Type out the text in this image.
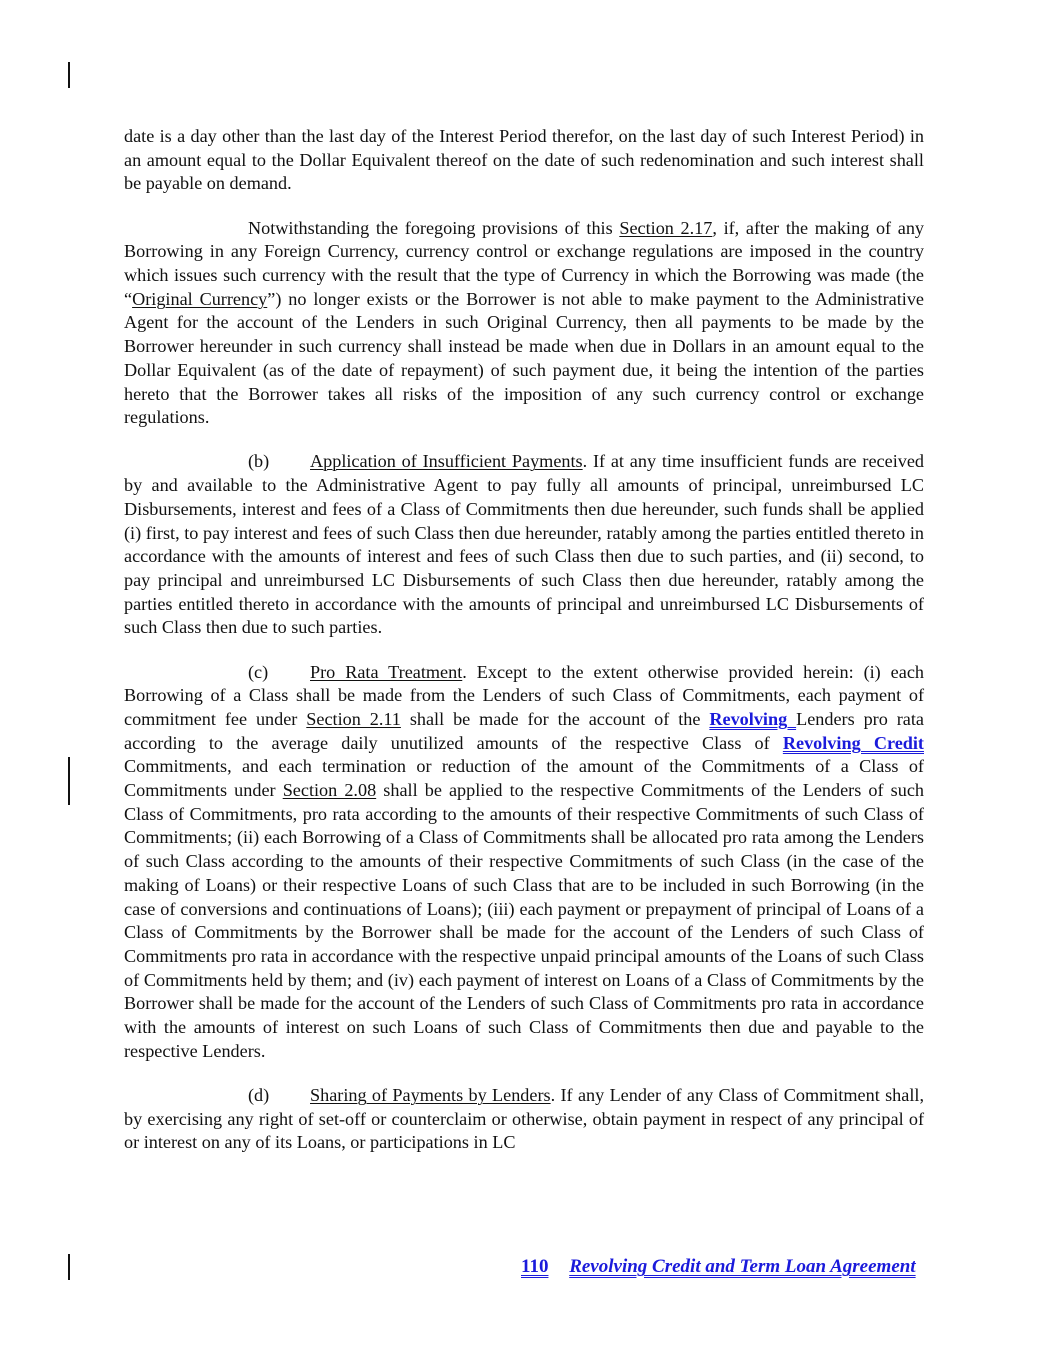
date is a day other than the last day of the Interest Period therefor, on the last day of such Interest Period) in an amount equal to the Dollar Equivalent thereof on the date of such redenomination and such interest shall be payable on demand.

Notwithstanding the foregoing provisions of this Section 2.17, if, after the making of any Borrowing in any Foreign Currency, currency control or exchange regulations are imposed in the country which issues such currency with the result that the type of Currency in which the Borrowing was made (the “Original Currency”) no longer exists or the Borrower is not able to make payment to the Administrative Agent for the account of the Lenders in such Original Currency, then all payments to be made by the Borrower hereunder in such currency shall instead be made when due in Dollars in an amount equal to the Dollar Equivalent (as of the date of repayment) of such payment due, it being the intention of the parties hereto that the Borrower takes all risks of the imposition of any such currency control or exchange regulations.

(b) Application of Insufficient Payments. If at any time insufficient funds are received by and available to the Administrative Agent to pay fully all amounts of principal, unreimbursed LC Disbursements, interest and fees of a Class of Commitments then due hereunder, such funds shall be applied (i) first, to pay interest and fees of such Class then due hereunder, ratably among the parties entitled thereto in accordance with the amounts of interest and fees of such Class then due to such parties, and (ii) second, to pay principal and unreimbursed LC Disbursements of such Class then due hereunder, ratably among the parties entitled thereto in accordance with the amounts of principal and unreimbursed LC Disbursements of such Class then due to such parties.

(c) Pro Rata Treatment. Except to the extent otherwise provided herein: (i) each Borrowing of a Class shall be made from the Lenders of such Class of Commitments, each payment of commitment fee under Section 2.11 shall be made for the account of the Revolving Lenders pro rata according to the average daily unutilized amounts of the respective Class of Revolving Credit Commitments, and each termination or reduction of the amount of the Commitments of a Class of Commitments under Section 2.08 shall be applied to the respective Commitments of the Lenders of such Class of Commitments, pro rata according to the amounts of their respective Commitments of such Class of Commitments; (ii) each Borrowing of a Class of Commitments shall be allocated pro rata among the Lenders of such Class according to the amounts of their respective Commitments of such Class (in the case of the making of Loans) or their respective Loans of such Class that are to be included in such Borrowing (in the case of conversions and continuations of Loans); (iii) each payment or prepayment of principal of Loans of a Class of Commitments by the Borrower shall be made for the account of the Lenders of such Class of Commitments pro rata in accordance with the respective unpaid principal amounts of the Loans of such Class of Commitments held by them; and (iv) each payment of interest on Loans of a Class of Commitments by the Borrower shall be made for the account of the Lenders of such Class of Commitments pro rata in accordance with the amounts of interest on such Loans of such Class of Commitments then due and payable to the respective Lenders.

(d) Sharing of Payments by Lenders. If any Lender of any Class of Commitment shall, by exercising any right of set-off or counterclaim or otherwise, obtain payment in respect of any principal of or interest on any of its Loans, or participations in LC

110 Revolving Credit and Term Loan Agreement
